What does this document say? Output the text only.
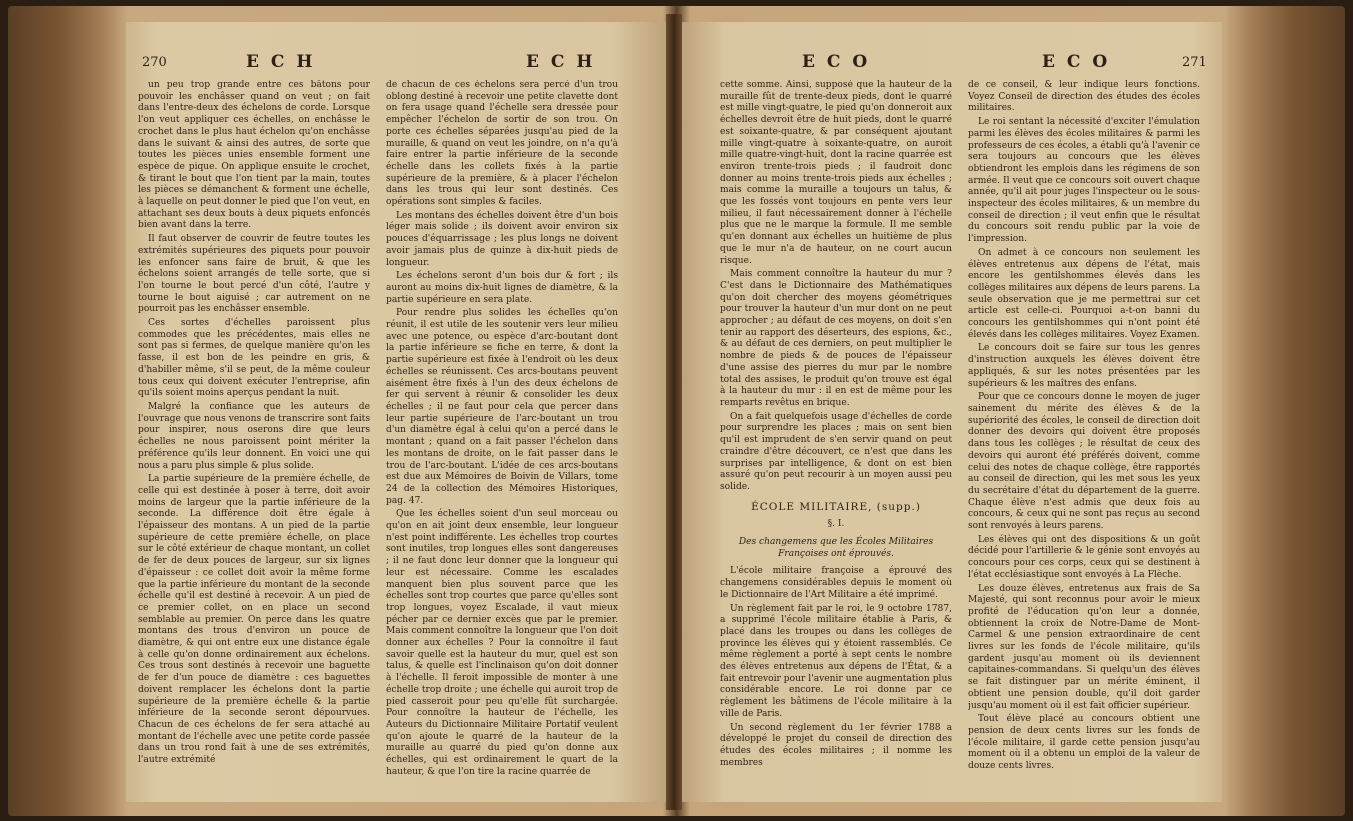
270	E C H	E C H

un peu trop grande entre ces bâtons pour pouvoir les enchâsser quand on veut ; on fait dans l'entre-deux des échelons de corde. Lorsque l'on veut appliquer ces échelles, on enchâsse le crochet dans le plus haut échelon qu'on enchâsse dans le suivant & ainsi des autres, de sorte que toutes les pièces unies ensemble forment une espèce de pique. On applique ensuite le crochet, & tirant le bout que l'on tient par la main, toutes les pièces se démanchent & forment une échelle, à laquelle on peut donner le pied que l'on veut, en attachant ses deux bouts à deux piquets enfoncés bien avant dans la terre.

Il faut observer de couvrir de feutre toutes les extrémités supérieures des piquets pour pouvoir les enfoncer sans faire de bruit, & que les échelons soient arrangés de telle sorte, que si l'on tourne le bout percé d'un côté, l'autre y tourne le bout aiguisé ; car autrement on ne pourroit pas les enchâsser ensemble.

Ces sortes d'échelles paroissent plus commodes que les précédentes, mais elles ne sont pas si fermes, de quelque manière qu'on les fasse, il est bon de les peindre en gris, & d'habiller même, s'il se peut, de la même couleur tous ceux qui doivent exécuter l'entreprise, afin qu'ils soient moins aperçus pendant la nuit.

Malgré la confiance que les auteurs de l'ouvrage que nous venons de transcrire sont faits pour inspirer, nous oserons dire que leurs échelles ne nous paroissent point mériter la préférence qu'ils leur donnent. En voici une qui nous a paru plus simple & plus solide.

La partie supérieure de la première échelle, de celle qui est destinée à poser à terre, doit avoir moins de largeur que la partie inférieure de la seconde. La différence doit être égale à l'épaisseur des montans. A un pied de la partie supérieure de cette première échelle, on place sur le côté extérieur de chaque montant, un collet de fer de deux pouces de largeur, sur six lignes d'épaisseur : ce collet doit avoir la même forme que la partie inférieure du montant de la seconde échelle qu'il est destiné à recevoir. A un pied de ce premier collet, on en place un second semblable au premier. On perce dans les quatre montans des trous d'environ un pouce de diamètre, & qui ont entre eux une distance égale à celle qu'on donne ordinairement aux échelons. Ces trous sont destinés à recevoir une baguette de fer d'un pouce de diamètre : ces baguettes doivent remplacer les échelons dont la partie supérieure de la première échelle & la partie inférieure de la seconde seront dépourvues. Chacun de ces échelons de fer sera attaché au montant de l'échelle avec une petite corde passée dans un trou rond fait à une de ses extrémités, l'autre extrémité

de chacun de ces échelons sera percé d'un trou oblong destiné à recevoir une petite clavette dont on fera usage quand l'échelle sera dressée pour empêcher l'échelon de sortir de son trou. On porte ces échelles séparées jusqu'au pied de la muraille, & quand on veut les joindre, on n'a qu'à faire entrer la partie inférieure de la seconde échelle dans les collets fixés à la partie supérieure de la première, & à placer l'échelon dans les trous qui leur sont destinés. Ces opérations sont simples & faciles.

Les montans des échelles doivent être d'un bois léger mais solide ; ils doivent avoir environ six pouces d'équarrissage ; les plus longs ne doivent avoir jamais plus de quinze à dix-huit pieds de longueur.

Les échelons seront d'un bois dur & fort ; ils auront au moins dix-huit lignes de diamètre, & la partie supérieure en sera plate.

Pour rendre plus solides les échelles qu'on réunit, il est utile de les soutenir vers leur milieu avec une potence, ou espèce d'arc-boutant dont la partie inférieure se fiche en terre, & dont la partie supérieure est fixée à l'endroit où les deux échelles se réunissent. Ces arcs-boutans peuvent aisément être fixés à l'un des deux échelons de fer qui servent à réunir & consolider les deux échelles ; il ne faut pour cela que percer dans leur partie supérieure de l'arc-boutant un trou d'un diamètre égal à celui qu'on a percé dans le montant ; quand on a fait passer l'échelon dans les montans de droite, on le fait passer dans le trou de l'arc-boutant. L'idée de ces arcs-boutans est due aux Mémoires de Boivin de Villars, tome 24 de la collection des Mémoires Historiques, pag. 47.

Que les échelles soient d'un seul morceau ou qu'on en ait joint deux ensemble, leur longueur n'est point indifférente. Les échelles trop courtes sont inutiles, trop longues elles sont dangereuses ; il ne faut donc leur donner que la longueur qui leur est nécessaire. Comme les escalades manquent bien plus souvent parce que les échelles sont trop courtes que parce qu'elles sont trop longues, voyez Escalade, il vaut mieux pécher par ce dernier excès que par le premier. Mais comment connoître la longueur que l'on doit donner aux échelles ? Pour la connoître il faut savoir quelle est la hauteur du mur, quel est son talus, & quelle est l'inclinaison qu'on doit donner à l'échelle. Il feroit impossible de monter à une échelle trop droite ; une échelle qui auroit trop de pied casseroit pour peu qu'elle fût surchargée. Pour connoître la hauteur de l'échelle, les Auteurs du Dictionnaire Militaire Portatif veulent qu'on ajoute le quarré de la hauteur de la muraille au quarré du pied qu'on donne aux échelles, qui est ordinairement le quart de la hauteur, & que l'on tire la racine quarrée de

E C O	E C O	271

cette somme. Ainsi, supposé que la hauteur de la muraille fût de trente-deux pieds, dont le quarré est mille vingt-quatre, le pied qu'on donneroit aux échelles devroit être de huit pieds, dont le quarré est soixante-quatre, & par conséquent ajoutant mille vingt-quatre à soixante-quatre, on auroit mille quatre-vingt-huit, dont la racine quarrée est environ trente-trois pieds ; il faudroit donc donner au moins trente-trois pieds aux échelles ; mais comme la muraille a toujours un talus, & que les fossés vont toujours en pente vers leur milieu, il faut nécessairement donner à l'échelle plus que ne le marque la formule. Il me semble qu'en donnant aux échelles un huitième de plus que le mur n'a de hauteur, on ne court aucun risque.

Mais comment connoître la hauteur du mur ? C'est dans le Dictionnaire des Mathématiques qu'on doit chercher des moyens géométriques pour trouver la hauteur d'un mur dont on ne peut approcher ; au défaut de ces moyens, on doit s'en tenir au rapport des déserteurs, des espions, &c., & au défaut de ces derniers, on peut multiplier le nombre de pieds & de pouces de l'épaisseur d'une assise des pierres du mur par le nombre total des assises, le produit qu'on trouve est égal à la hauteur du mur : il en est de même pour les remparts revêtus en brique.

On a fait quelquefois usage d'échelles de corde pour surprendre les places ; mais on sent bien qu'il est imprudent de s'en servir quand on peut craindre d'être découvert, ce n'est que dans les surprises par intelligence, & dont on est bien assuré qu'on peut recourir à un moyen aussi peu solide.

ÉCOLE MILITAIRE, (supp.)

§. I.

Des changemens que les Écoles Militaires Françoises ont éprouvés.

L'école militaire françoise a éprouvé des changemens considérables depuis le moment où le Dictionnaire de l'Art Militaire a été imprimé.

Un règlement fait par le roi, le 9 octobre 1787, a supprimé l'école militaire établie à Paris, & placé dans les troupes ou dans les collèges de province les élèves qui y étoient rassemblés. Ce même règlement a porté à sept cents le nombre des élèves entretenus aux dépens de l'État, & a fait entrevoir pour l'avenir une augmentation plus considérable encore. Le roi donne par ce règlement les bâtimens de l'école militaire à la ville de Paris.

Un second règlement du 1er février 1788 a développé le projet du conseil de direction des études des écoles militaires ; il nomme les membres

de ce conseil, & leur indique leurs fonctions. Voyez Conseil de direction des études des écoles militaires.

Le roi sentant la nécessité d'exciter l'émulation parmi les élèves des écoles militaires & parmi les professeurs de ces écoles, a établi qu'à l'avenir ce sera toujours au concours que les élèves obtiendront les emplois dans les régimens de son armée. Il veut que ce concours soit ouvert chaque année, qu'il ait pour juges l'inspecteur ou le sous-inspecteur des écoles militaires, & un membre du conseil de direction ; il veut enfin que le résultat du concours soit rendu public par la voie de l'impression.

On admet à ce concours non seulement les élèves entretenus aux dépens de l'état, mais encore les gentilshommes élevés dans les collèges militaires aux dépens de leurs parens. La seule observation que je me permettrai sur cet article est celle-ci. Pourquoi a-t-on banni du concours les gentilshommes qui n'ont point été élevés dans les collèges militaires. Voyez Examen.

Le concours doit se faire sur tous les genres d'instruction auxquels les élèves doivent être appliqués, & sur les notes présentées par les supérieurs & les maîtres des enfans.

Pour que ce concours donne le moyen de juger sainement du mérite des élèves & de la supériorité des écoles, le conseil de direction doit donner des devoirs qui doivent être proposés dans tous les collèges ; le résultat de ceux des devoirs qui auront été préférés doivent, comme celui des notes de chaque collège, être rapportés au conseil de direction, qui les met sous les yeux du secrétaire d'état du département de la guerre. Chaque élève n'est admis que deux fois au concours, & ceux qui ne sont pas reçus au second sont renvoyés à leurs parens.

Les élèves qui ont des dispositions & un goût décidé pour l'artillerie & le génie sont envoyés au concours pour ces corps, ceux qui se destinent à l'état ecclésiastique sont envoyés à La Flèche.

Les douze élèves, entretenus aux frais de Sa Majesté, qui sont reconnus pour avoir le mieux profité de l'éducation qu'on leur a donnée, obtiennent la croix de Notre-Dame de Mont-Carmel & une pension extraordinaire de cent livres sur les fonds de l'école militaire, qu'ils gardent jusqu'au moment où ils deviennent capitaines-commandans. Si quelqu'un des élèves se fait distinguer par un mérite éminent, il obtient une pension double, qu'il doit garder jusqu'au moment où il est fait officier supérieur.

Tout élève placé au concours obtient une pension de deux cents livres sur les fonds de l'école militaire, il garde cette pension jusqu'au moment où il a obtenu un emploi de la valeur de douze cents livres.
